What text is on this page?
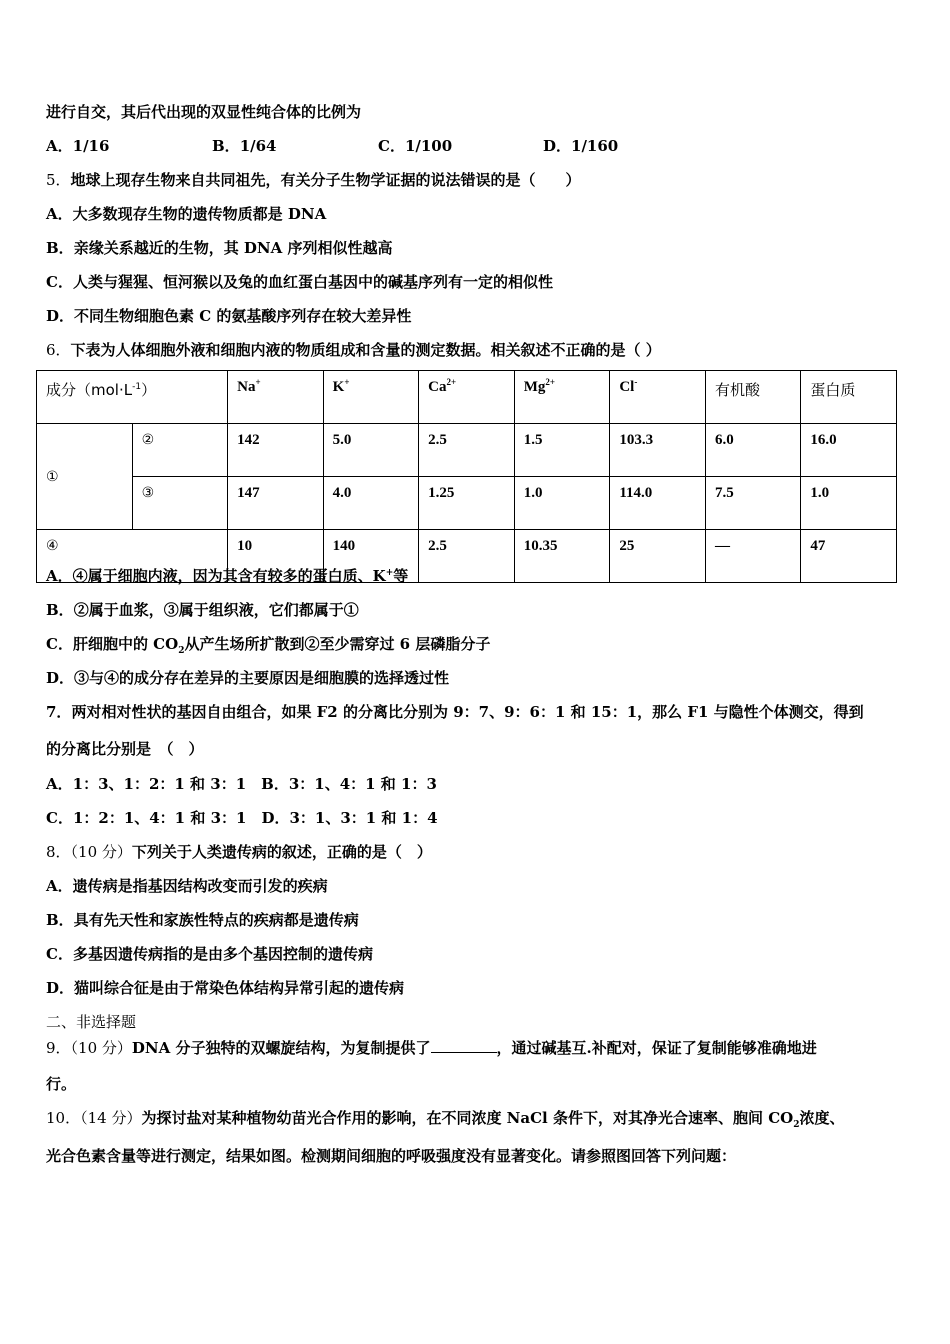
进行自交，其后代出现的双显性纯合体的比例为
A．1/16	B．1/64	C．1/100	D．1/160
5．地球上现存生物来自共同祖先，有关分子生物学证据的说法错误的是（　　）
A．大多数现存生物的遗传物质都是 DNA
B．亲缘关系越近的生物，其 DNA 序列相似性越高
C．人类与猩猩、恒河猴以及兔的血红蛋白基因中的碱基序列有一定的相似性
D．不同生物细胞色素 C 的氨基酸序列存在较大差异性
6．下表为人体细胞外液和细胞内液的物质组成和含量的测定数据。相关叙述不正确的是（ ）
成分$(mol\cdot L^{-1})$		Na+	K+	$Ca^{2+}$	$Mg^{2+}$	Cl-	有机酸	蛋白质
①	②	142	5.0	2.5	1.5	103.3	6.0	16.0
	③	147	4.0	1.25	1.0	114.0	7.5	1.0
④		10	140	2.5	10.35	25	—	47
A．④属于细胞内液，因为其含有较多的蛋白质、K+等
B．②属于血浆，③属于组织液，它们都属于①
C．肝细胞中的 $CO_2$从产生场所扩散到②至少需穿过 6 层磷脂分子
D．③与④的成分存在差异的主要原因是细胞膜的选择透过性
7．两对相对性状的基因自由组合，如果 F2 的分离比分别为 9：7、9：6：1 和 15：1，那么 F1 与隐性个体测交，得到
的分离比分别是　（　）
A．1：3、1：2：1 和 3：1　B．3：1、4：1 和 1：3
C．1：2：1、4：1 和 3：1　D．3：1、3：1 和 1：4
8．（10 分）下列关于人类遗传病的叙述，正确的是（　）
A．遗传病是指基因结构改变而引发的疾病
B．具有先天性和家族性特点的疾病都是遗传病
C．多基因遗传病指的是由多个基因控制的遗传病
D．猫叫综合征是由于常染色体结构异常引起的遗传病
二、非选择题
9．（10 分）DNA 分子独特的双螺旋结构，为复制提供了	，通过碱基互.补配对，保证了复制能够准确地进
行。
10．（14 分）为探讨盐对某种植物幼苗光合作用的影响，在不同浓度 NaCl 条件下，对其净光合速率、胞间 $CO_2$浓度、
光合色素含量等进行测定，结果如图。检测期间细胞的呼吸强度没有显著变化。请参照图回答下列问题：
